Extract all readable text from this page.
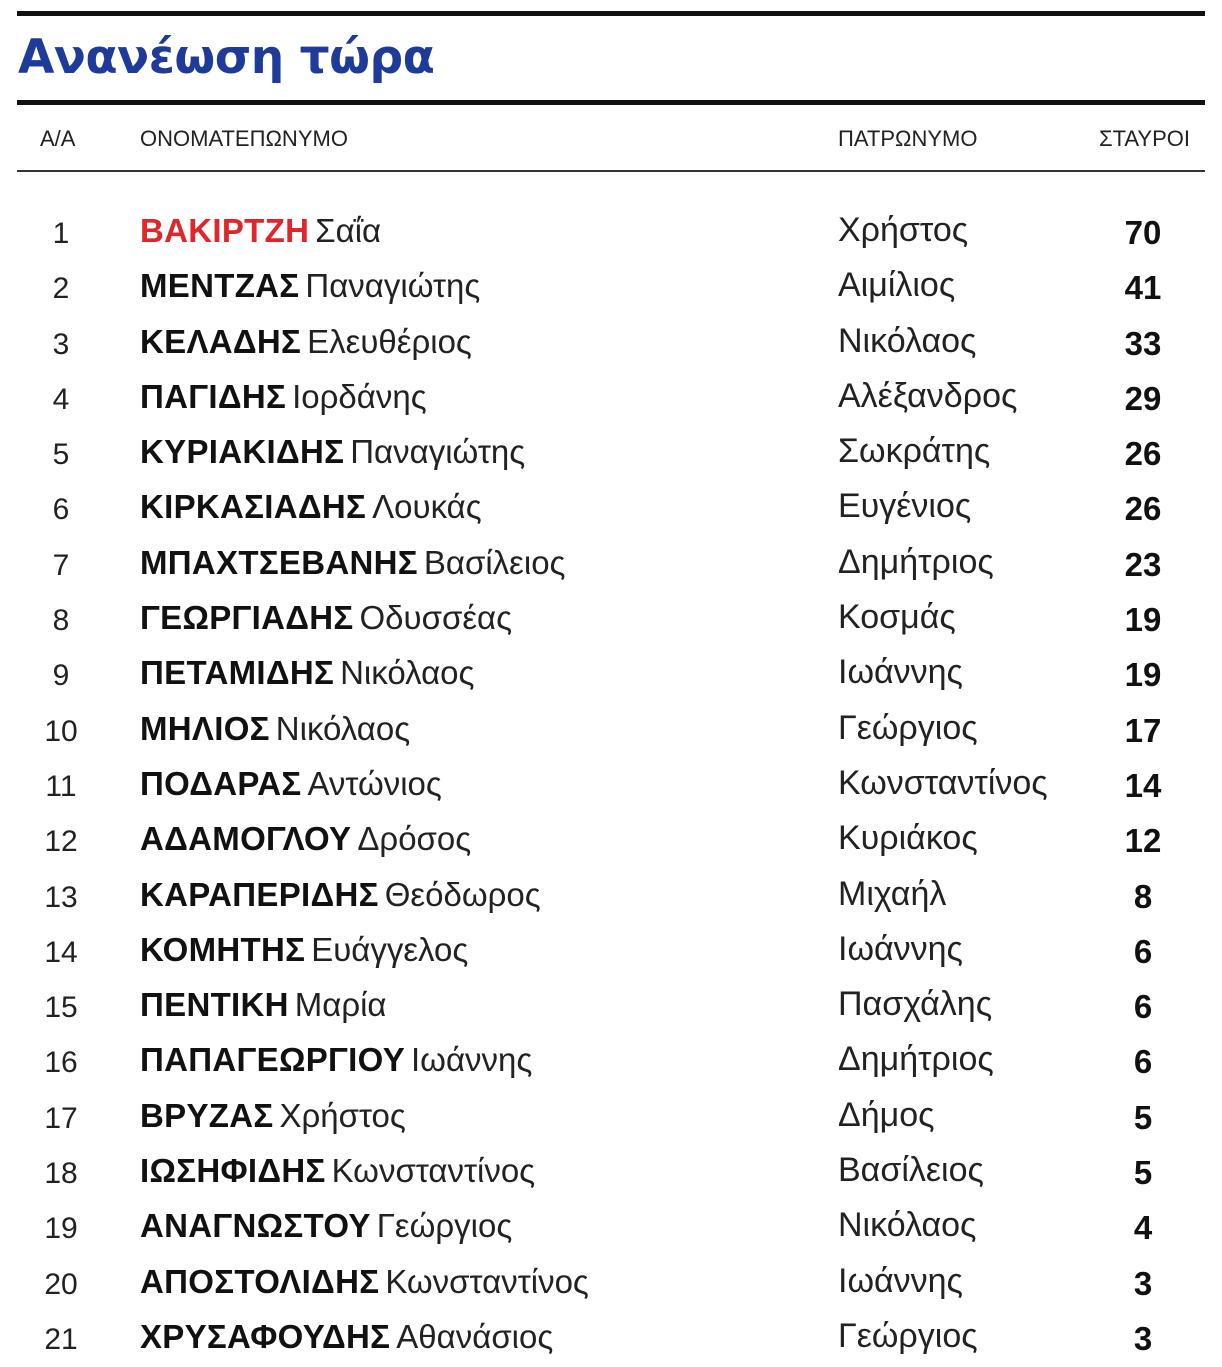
Ανανέωση τώρα
Α/Α	ΟΝΟΜΑΤΕΠΩΝΥΜΟ	ΠΑΤΡΩΝΥΜΟ	ΣΤΑΥΡΟΙ
1	ΒΑΚΙΡΤΖΗ Σαΐα	Χρήστος	70
2	ΜΕΝΤΖΑΣ Παναγιώτης	Αιμίλιος	41
3	ΚΕΛΑΔΗΣ Ελευθέριος	Νικόλαος	33
4	ΠΑΓΙΔΗΣ Ιορδάνης	Αλέξανδρος	29
5	ΚΥΡΙΑΚΙΔΗΣ Παναγιώτης	Σωκράτης	26
6	ΚΙΡΚΑΣΙΑΔΗΣ Λουκάς	Ευγένιος	26
7	ΜΠΑΧΤΣΕΒΑΝΗΣ Βασίλειος	Δημήτριος	23
8	ΓΕΩΡΓΙΑΔΗΣ Οδυσσέας	Κοσμάς	19
9	ΠΕΤΑΜΙΔΗΣ Νικόλαος	Ιωάννης	19
10	ΜΗΛΙΟΣ Νικόλαος	Γεώργιος	17
11	ΠΟΔΑΡΑΣ Αντώνιος	Κωνσταντίνος	14
12	ΑΔΑΜΟΓΛΟΥ Δρόσος	Κυριάκος	12
13	ΚΑΡΑΠΕΡΙΔΗΣ Θεόδωρος	Μιχαήλ	8
14	ΚΟΜΗΤΗΣ Ευάγγελος	Ιωάννης	6
15	ΠΕΝΤΙΚΗ Μαρία	Πασχάλης	6
16	ΠΑΠΑΓΕΩΡΓΙΟΥ Ιωάννης	Δημήτριος	6
17	ΒΡΥΖΑΣ Χρήστος	Δήμος	5
18	ΙΩΣΗΦΙΔΗΣ Κωνσταντίνος	Βασίλειος	5
19	ΑΝΑΓΝΩΣΤΟΥ Γεώργιος	Νικόλαος	4
20	ΑΠΟΣΤΟΛΙΔΗΣ Κωνσταντίνος	Ιωάννης	3
21	ΧΡΥΣΑΦΟΥΔΗΣ Αθανάσιος	Γεώργιος	3
